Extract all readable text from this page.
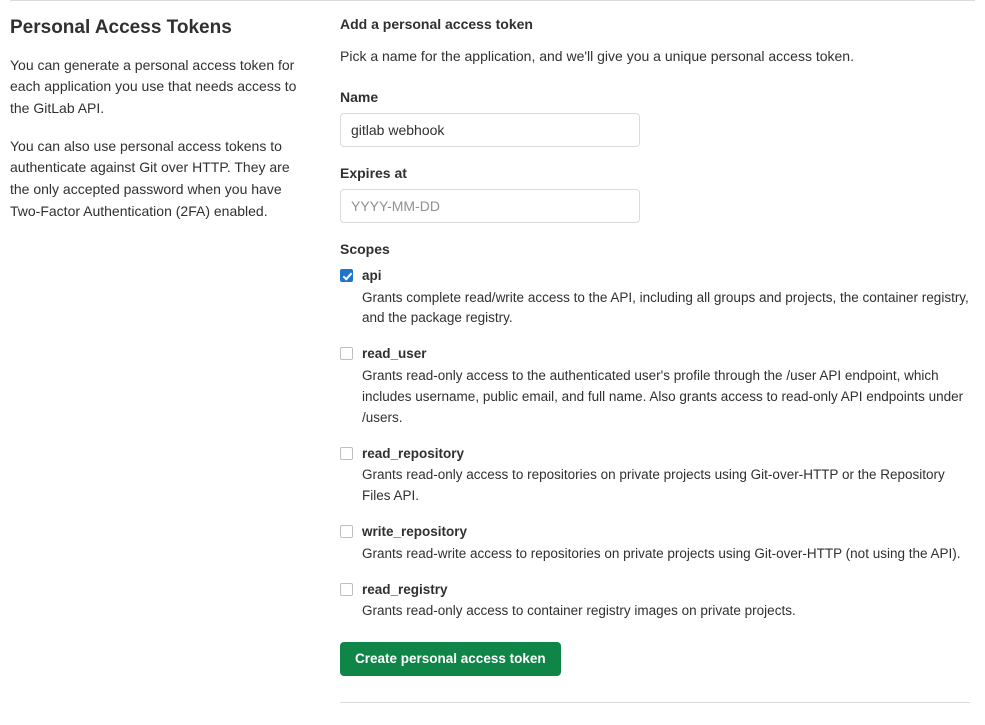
Personal Access Tokens

You can generate a personal access token for each application you use that needs access to the GitLab API.

You can also use personal access tokens to authenticate against Git over HTTP. They are the only accepted password when you have Two-Factor Authentication (2FA) enabled.

Add a personal access token
Pick a name for the application, and we'll give you a unique personal access token.
Name
gitlab webhook
Expires at
YYYY-MM-DD
Scopes
api
Grants complete read/write access to the API, including all groups and projects, the container registry, and the package registry.
read_user
Grants read-only access to the authenticated user's profile through the /user API endpoint, which includes username, public email, and full name. Also grants access to read-only API endpoints under /users.
read_repository
Grants read-only access to repositories on private projects using Git-over-HTTP or the Repository Files API.
write_repository
Grants read-write access to repositories on private projects using Git-over-HTTP (not using the API).
read_registry
Grants read-only access to container registry images on private projects.
Create personal access token
